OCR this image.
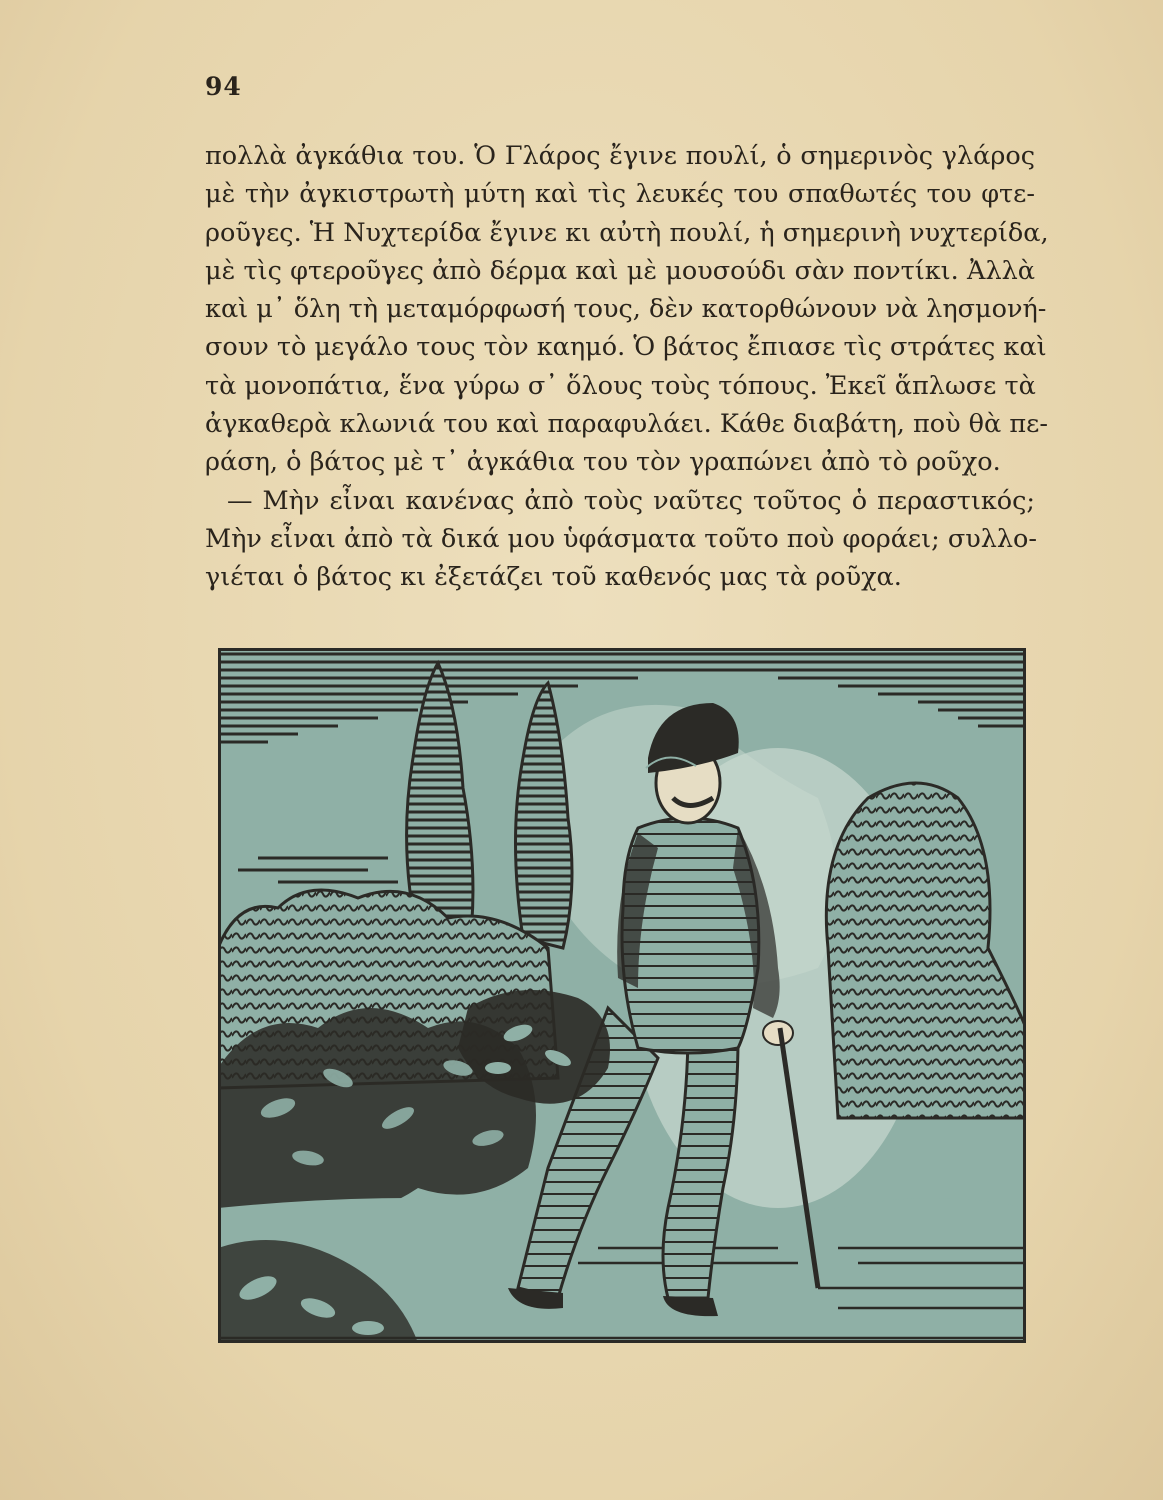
94

πολλὰ ἀγκάθια του. Ὁ Γλάρος ἔγινε πουλί, ὁ σημερινὸς γλάρος
μὲ τὴν ἀγκιστρωτὴ μύτη καὶ τὶς λευκές του σπαθωτές του φτε-
ροῦγες. Ἡ Νυχτερίδα ἔγινε κι αὐτὴ πουλί, ἡ σημερινὴ νυχτερίδα,
μὲ τὶς φτεροῦγες ἀπὸ δέρμα καὶ μὲ μουσούδι σὰν ποντίκι. Ἀλλὰ
καὶ μ᾽ ὅλη τὴ μεταμόρφωσή τους, δὲν κατορθώνουν νὰ λησμονή-
σουν τὸ μεγάλο τους τὸν καημό. Ὁ βάτος ἔπιασε τὶς στράτες καὶ
τὰ μονοπάτια, ἕνα γύρω σ᾽ ὅλους τοὺς τόπους. Ἐκεῖ ἅπλωσε τὰ
ἀγκαθερὰ κλωνιά του καὶ παραφυλάει. Κάθε διαβάτη, ποὺ θὰ πε-
ράση, ὁ βάτος μὲ τ᾽ ἀγκάθια του τὸν γραπώνει ἀπὸ τὸ ροῦχο.

— Μὴν εἶναι κανένας ἀπὸ τοὺς ναῦτες τοῦτος ὁ περαστικός;
Μὴν εἶναι ἀπὸ τὰ δικά μου ὑφάσματα τοῦτο ποὺ φοράει; συλλο-
γιέται ὁ βάτος κι ἐξετάζει τοῦ καθενός μας τὰ ροῦχα.
